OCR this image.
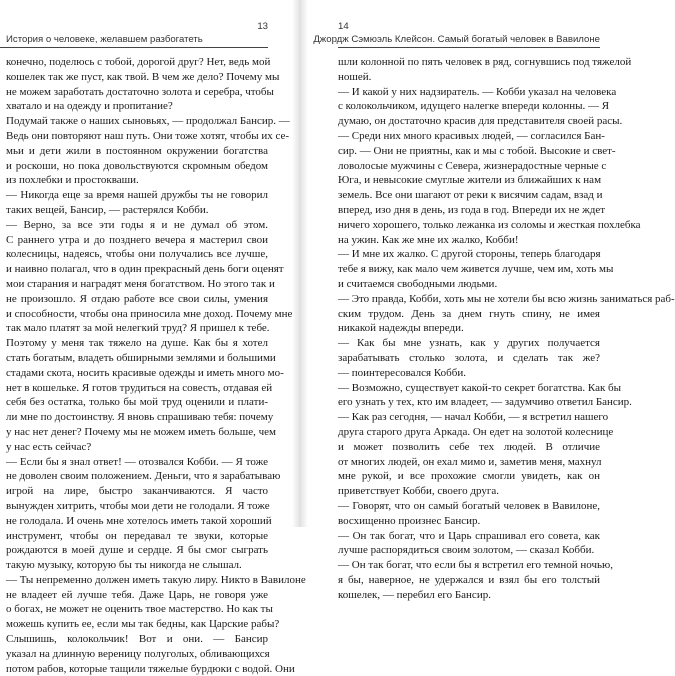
13
История о человеке, желавшем разбогатеть
конечно, поделюсь с тобой, дорогой друг? Нет, ведь мой
кошелек так же пуст, как твой. В чем же дело? Почему мы
не можем заработать достаточно золота и серебра, чтобы
хватало и на одежду и пропитание?
Подумай также о наших сыновьях, — продолжал Бансир. —
Ведь они повторяют наш путь. Они тоже хотят, чтобы их се-
мьи и дети жили в постоянном окружении богатства
и роскоши, но пока довольствуются скромным обедом
из похлебки и простокваши.
— Никогда еще за время нашей дружбы ты не говорил
таких вещей, Бансир, — растерялся Кобби.
— Верно, за все эти годы я и не думал об этом.
С раннего утра и до позднего вечера я мастерил свои
колесницы, надеясь, чтобы они получались все лучше,
и наивно полагал, что в один прекрасный день боги оценят
мои старания и наградят меня богатством. Но этого так и
не произошло. Я отдаю работе все свои силы, умения
и способности, чтобы она приносила мне доход. Почему мне
так мало платят за мой нелегкий труд? Я пришел к тебе.
Поэтому у меня так тяжело на душе. Как бы я хотел
стать богатым, владеть обширными землями и большими
стадами скота, носить красивые одежды и иметь много мо-
нет в кошельке. Я готов трудиться на совесть, отдавая ей
себя без остатка, только бы мой труд оценили и плати-
ли мне по достоинству. Я вновь спрашиваю тебя: почему
у нас нет денег? Почему мы не можем иметь больше, чем
у нас есть сейчас?
— Если бы я знал ответ! — отозвался Кобби. — Я тоже
не доволен своим положением. Деньги, что я зарабатываю
игрой на лире, быстро заканчиваются. Я часто
вынужден хитрить, чтобы мои дети не голодали. Я тоже
не голодала. И очень мне хотелось иметь такой хороший
инструмент, чтобы он передавал те звуки, которые
рождаются в моей душе и сердце. Я бы смог сыграть
такую музыку, которую бы ты никогда не слышал.
— Ты непременно должен иметь такую лиру. Никто в Вавилоне
не владеет ей лучше тебя. Даже Царь, не говоря уже
о богах, не может не оценить твое мастерство. Но как ты
можешь купить ее, если мы так бедны, как Царские рабы?
Слышишь, колокольчик! Вот и они. — Бансир
указал на длинную вереницу полуголых, обливающихся
потом рабов, которые тащили тяжелые бурдюки с водой. Они
14
Джордж Сэмюэль Клейсон. Самый богатый человек в Вавилоне
шли колонной по пять человек в ряд, согнувшись под тяжелой
ношей.
— И какой у них надзиратель. — Кобби указал на человека
с колокольчиком, идущего налегке впереди колонны. — Я
думаю, он достаточно красив для представителя своей расы.
— Среди них много красивых людей, — согласился Бан-
сир. — Они не приятны, как и мы с тобой. Высокие и свет-
ловолосые мужчины с Севера, жизнерадостные черные с
Юга, и невысокие смуглые жители из ближайших к нам
земель. Все они шагают от реки к висячим садам, взад и
вперед, изо дня в день, из года в год. Впереди их не ждет
ничего хорошего, только лежанка из соломы и жесткая похлебка
на ужин. Как же мне их жалко, Кобби!
— И мне их жалко. С другой стороны, теперь благодаря
тебе я вижу, как мало чем живется лучше, чем им, хоть мы
и считаемся свободными людьми.
— Это правда, Кобби, хоть мы не хотели бы всю жизнь заниматься раб-
ским трудом. День за днем гнуть спину, не имея
никакой надежды впереди.
— Как бы мне узнать, как у других получается
зарабатывать столько золота, и сделать так же?
— поинтересовался Кобби.
— Возможно, существует какой-то секрет богатства. Как бы
его узнать у тех, кто им владеет, — задумчиво ответил Бансир.
— Как раз сегодня, — начал Кобби, — я встретил нашего
друга старого друга Аркада. Он едет на золотой колеснице
и может позволить себе тех людей. В отличие
от многих людей, он ехал мимо и, заметив меня, махнул
мне рукой, и все прохожие смогли увидеть, как он
приветствует Кобби, своего друга.
— Говорят, что он самый богатый человек в Вавилоне,
восхищенно произнес Бансир.
— Он так богат, что и Царь спрашивал его совета, как
лучше распорядиться своим золотом, — сказал Кобби.
— Он так богат, что если бы я встретил его темной ночью,
я бы, наверное, не удержался и взял бы его толстый
кошелек, — перебил его Бансир.
